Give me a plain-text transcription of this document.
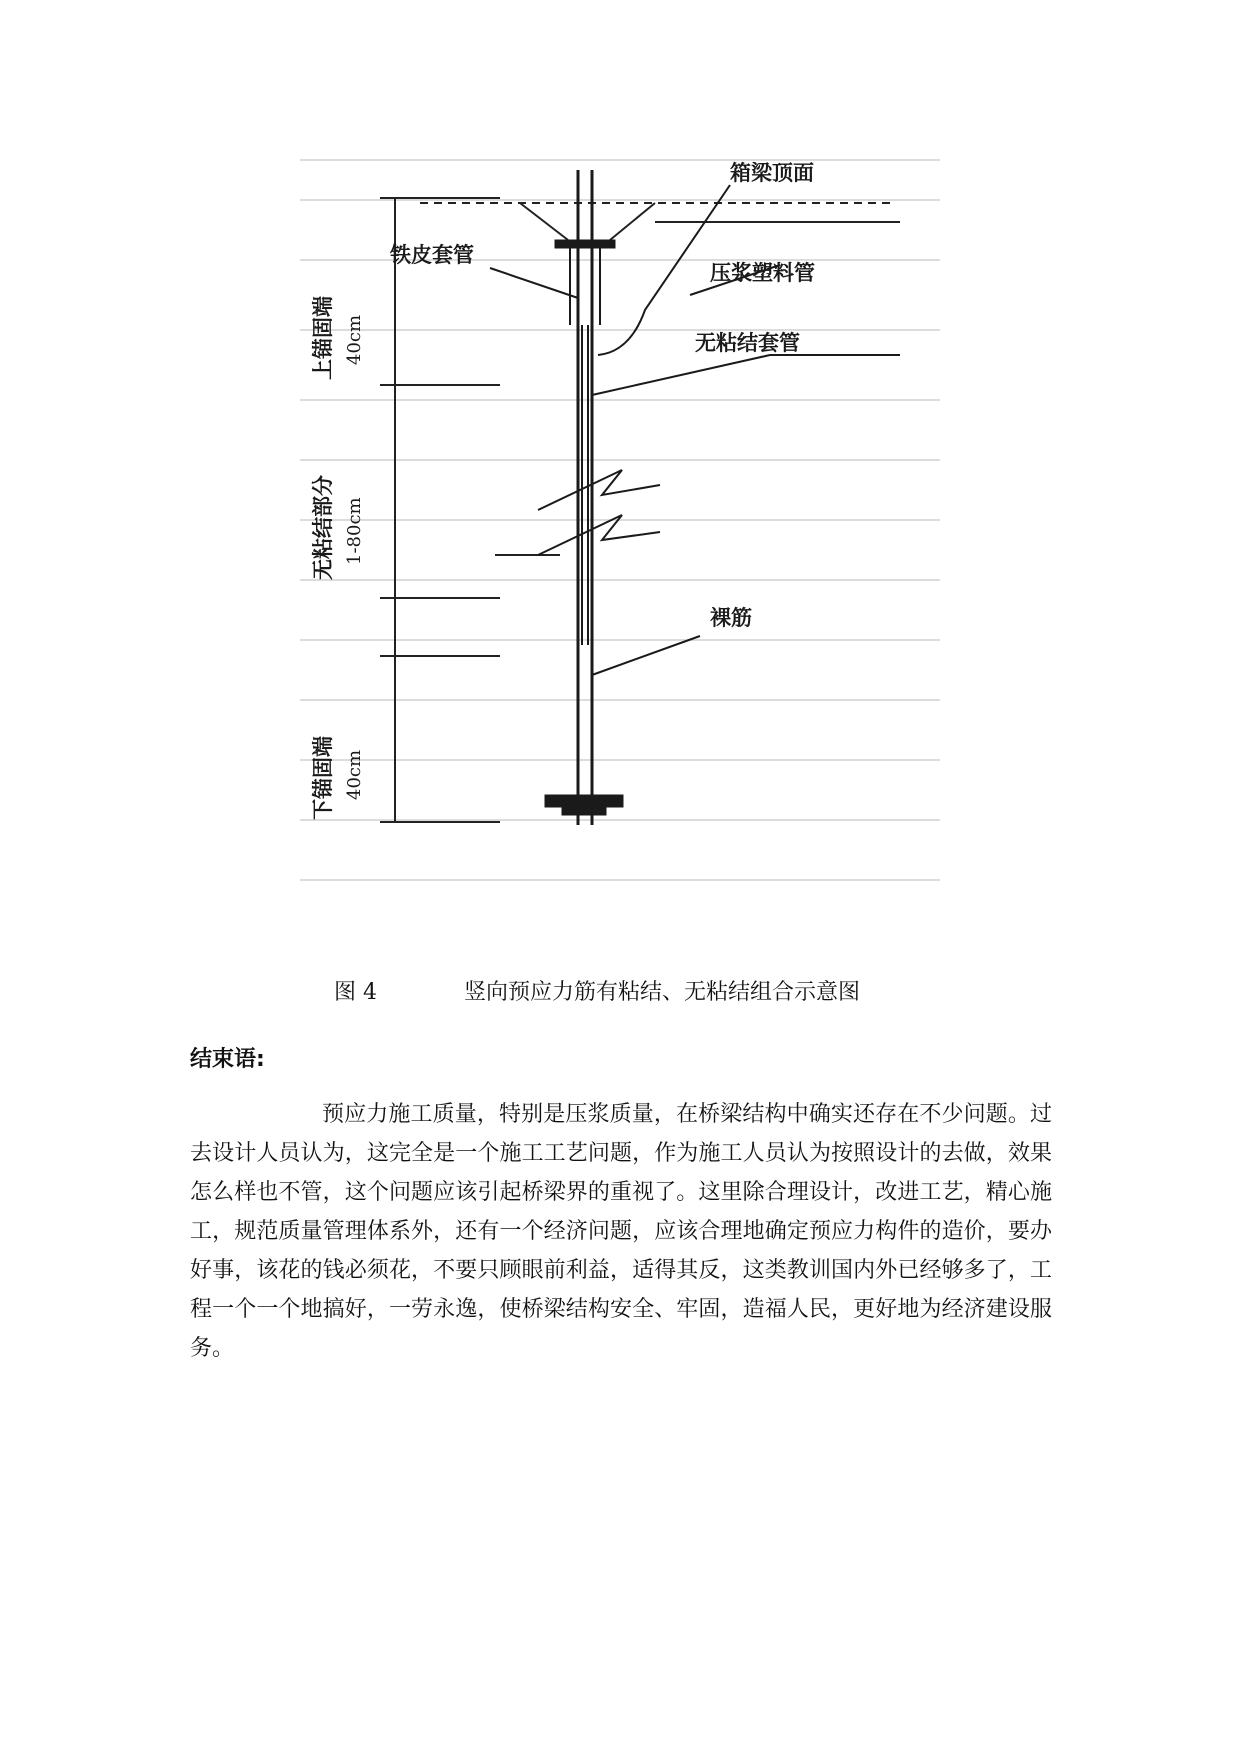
箱梁顶面
铁皮套管
压浆塑料管
无粘结套管
裸筋
上锚固端 40cm
无粘结部分 1-80cm
下锚固端 40cm
图 4	竖向预应力筋有粘结、无粘结组合示意图
结束语:

预应力施工质量，特别是压浆质量，在桥梁结构中确实还存在不少问题。过去设计人员认为，这完全是一个施工工艺问题，作为施工人员认为按照设计的去做，效果怎么样也不管，这个问题应该引起桥梁界的重视了。这里除合理设计，改进工艺，精心施工，规范质量管理体系外，还有一个经济问题，应该合理地确定预应力构件的造价，要办好事，该花的钱必须花，不要只顾眼前利益，适得其反，这类教训国内外已经够多了，工程一个一个地搞好，一劳永逸，使桥梁结构安全、牢固，造福人民，更好地为经济建设服务。
